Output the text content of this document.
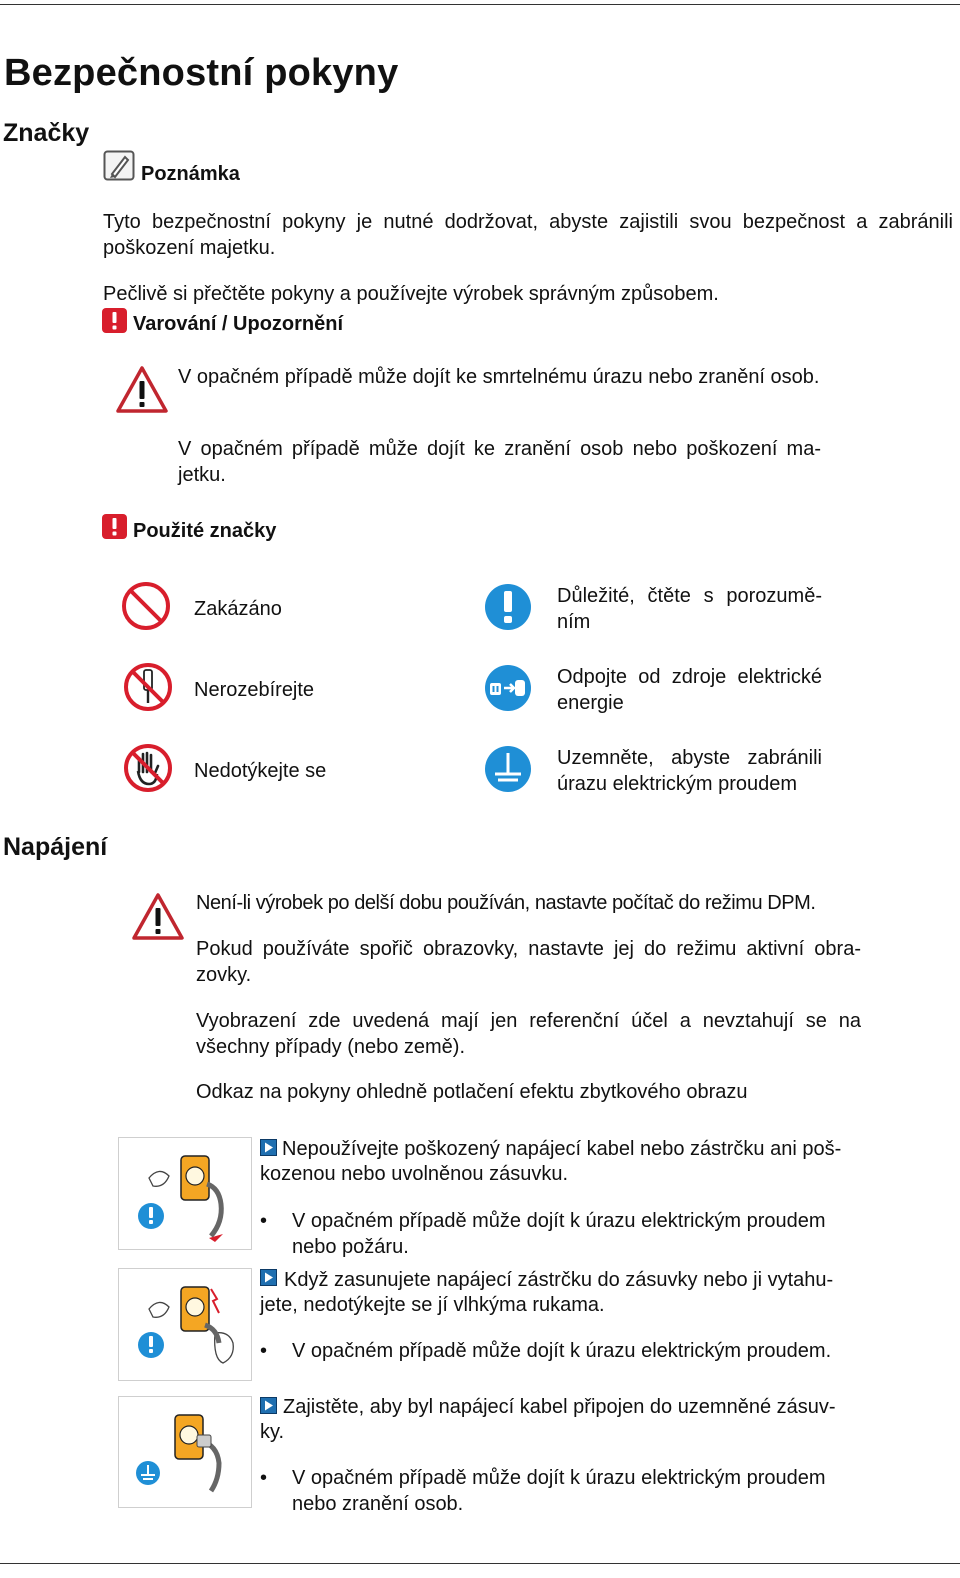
Bezpečnostní pokyny
Značky
Poznámka
Tyto bezpečnostní pokyny je nutné dodržovat, abyste zajistili svou bezpečnost a zabránili poškození majetku.
Pečlivě si přečtěte pokyny a používejte výrobek správným způsobem.
Varování / Upozornění
V opačném případě může dojít ke smrtelnému úrazu nebo zranění osob.
V opačném případě může dojít ke zranění osob nebo poškození ma-jetku.
Použité značky
Zakázáno
Důležité, čtěte s porozumě-ním
Nerozebírejte
Odpojte od zdroje elektrické energie
Nedotýkejte se
Uzemněte, abyste zabránili úrazu elektrickým proudem
Napájení
Není-li výrobek po delší dobu používán, nastavte počítač do režimu DPM.
Pokud používáte spořič obrazovky, nastavte jej do režimu aktivní obra-zovky.
Vyobrazení zde uvedená mají jen referenční účel a nevztahují se na všechny případy (nebo země).
Odkaz na pokyny ohledně potlačení efektu zbytkového obrazu
Nepoužívejte poškozený napájecí kabel nebo zástrčku ani poš-
kozenou nebo uvolněnou zásuvku.
• V opačném případě může dojít k úrazu elektrickým proudem
nebo požáru.
Když zasunujete napájecí zástrčku do zásuvky nebo ji vytahu-
jete, nedotýkejte se jí vlhkýma rukama.
• V opačném případě může dojít k úrazu elektrickým proudem.
Zajistěte, aby byl napájecí kabel připojen do uzemněné zásuv-
ky.
• V opačném případě může dojít k úrazu elektrickým proudem
nebo zranění osob.
